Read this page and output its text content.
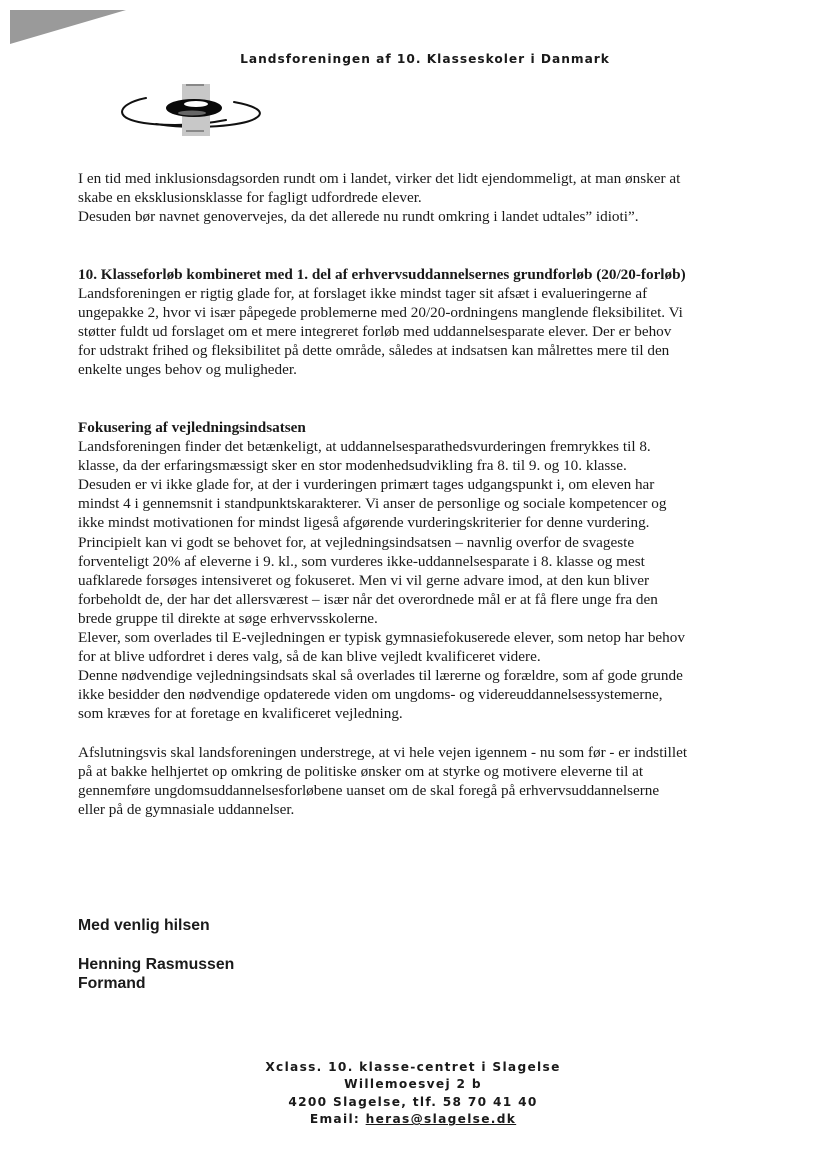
Landsforeningen af 10. Klasseskoler i Danmark

I en tid med inklusionsdagsorden rundt om i landet, virker det lidt ejendommeligt, at man ønsker at
skabe en eksklusionsklasse for fagligt udfordrede elever.
Desuden bør navnet genovervejes, da det allerede nu rundt omkring i landet udtales” idioti”.

10. Klasseforløb kombineret med 1. del af erhvervsuddannelsernes grundforløb (20/20-forløb)
Landsforeningen er rigtig glade for, at forslaget ikke mindst tager sit afsæt i evalueringerne af
ungepakke 2, hvor vi især påpegede problemerne med 20/20-ordningens manglende fleksibilitet. Vi
støtter fuldt ud forslaget om et mere integreret forløb med uddannelsesparate elever. Der er behov
for udstrakt frihed og fleksibilitet på dette område, således at indsatsen kan målrettes mere til den
enkelte unges behov og muligheder.

Fokusering af vejledningsindsatsen
Landsforeningen finder det betænkeligt, at uddannelsesparathedsvurderingen fremrykkes til 8.
klasse, da der erfaringsmæssigt sker en stor modenhedsudvikling fra 8. til 9. og 10. klasse.
Desuden er vi ikke glade for, at der i vurderingen primært tages udgangspunkt i, om eleven har
mindst 4 i gennemsnit i standpunktskarakterer. Vi anser de personlige og sociale kompetencer og
ikke mindst motivationen for mindst ligeså afgørende vurderingskriterier for denne vurdering.
Principielt kan vi godt se behovet for, at vejledningsindsatsen – navnlig overfor de svageste
forventeligt 20% af eleverne i 9. kl., som vurderes ikke-uddannelsesparate i 8. klasse og mest
uafklarede forsøges intensiveret og fokuseret. Men vi vil gerne advare imod, at den kun bliver
forbeholdt de, der har det allersværest – især når det overordnede mål er at få flere unge fra den
brede gruppe til direkte at søge erhvervsskolerne.
Elever, som overlades til E-vejledningen er typisk gymnasiefokuserede elever, som netop har behov
for at blive udfordret i deres valg, så de kan blive vejledt kvalificeret videre.
Denne nødvendige vejledningsindsats skal så overlades til lærerne og forældre, som af gode grunde
ikke besidder den nødvendige opdaterede viden om ungdoms- og videreuddannelsessystemerne,
som kræves for at foretage en kvalificeret vejledning.

Afslutningsvis skal landsforeningen understrege, at vi hele vejen igennem - nu som før - er indstillet
på at bakke helhjertet op omkring de politiske ønsker om at styrke og motivere eleverne til at
gennemføre ungdomsuddannelsesforløbene uanset om de skal foregå på erhvervsuddannelserne
eller på de gymnasiale uddannelser.

Med venlig hilsen
Henning Rasmussen
Formand
Xclass. 10. klasse-centret i Slagelse
Willemoesvej 2 b
4200 Slagelse, tlf. 58 70 41 40
Email: heras@slagelse.dk
